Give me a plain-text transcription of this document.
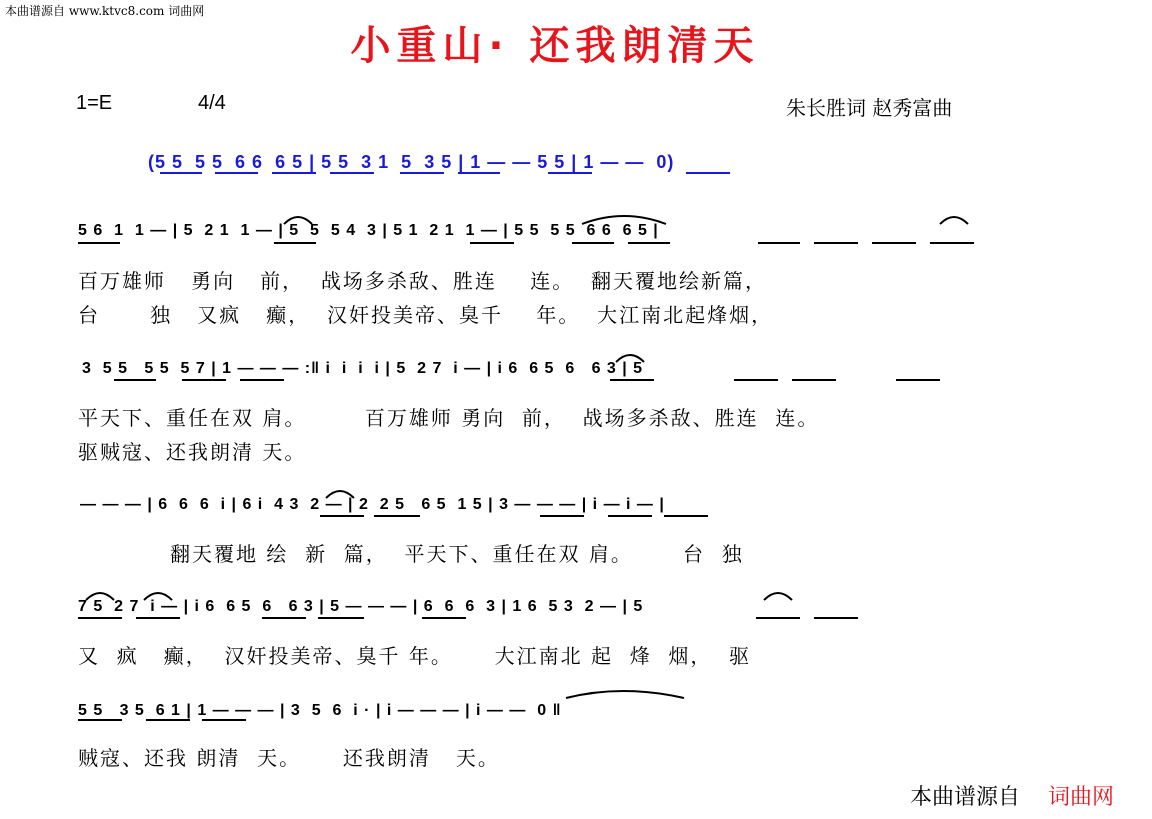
本曲谱源自 www.ktvc8.com 词曲网
小重山· 还我朗清天
1=E	4/4	朱长胜词 赵秀富曲
(5 5  5 5  6 6  6 5 | 5 5  3 1  5  3 5 | 1 — — 5 5 | 1 — —  0)
5 6  1  1 — | 5  2 1  1 — | 5  5  5 4  3 | 5 1  2 1  1 — | 5 5  5 5  6 6  6 5 |
百万雄师   勇向   前，  战场多杀敌、胜连    连。  翻天覆地绘新篇，
台      独   又疯   癫，  汉奸投美帝、臭千    年。  大江南北起烽烟，
3  5 5   5 5  5 7 | 1 — — — :‖ i  i  i  i | 5  2 7  i — | i 6  6 5  6   6 3 | 5
平天下、重任在双 肩。       百万雄师 勇向  前，  战场多杀敌、胜连  连。
驱贼寇、还我朗清 天。
— — — | 6  6  6  i | 6 i  4 3  2 — | 2  2 5   6 5  1 5 | 3 — — — | i — i — |
翻天覆地 绘  新  篇，  平天下、重任在双 肩。      台  独
7 5  2 7  i — | i 6  6 5  6   6 3 | 5 — — — | 6  6  6  3 | 1 6  5 3  2 — | 5
又  疯   癫，  汉奸投美帝、臭千 年。     大江南北 起  烽  烟，  驱
5 5   3 5  6 1 | 1 — — — | 3  5  6  i · | i — — — | i — —  0 ‖
贼寇、还我 朗清  天。     还我朗清   天。
本曲谱源自 词曲网
